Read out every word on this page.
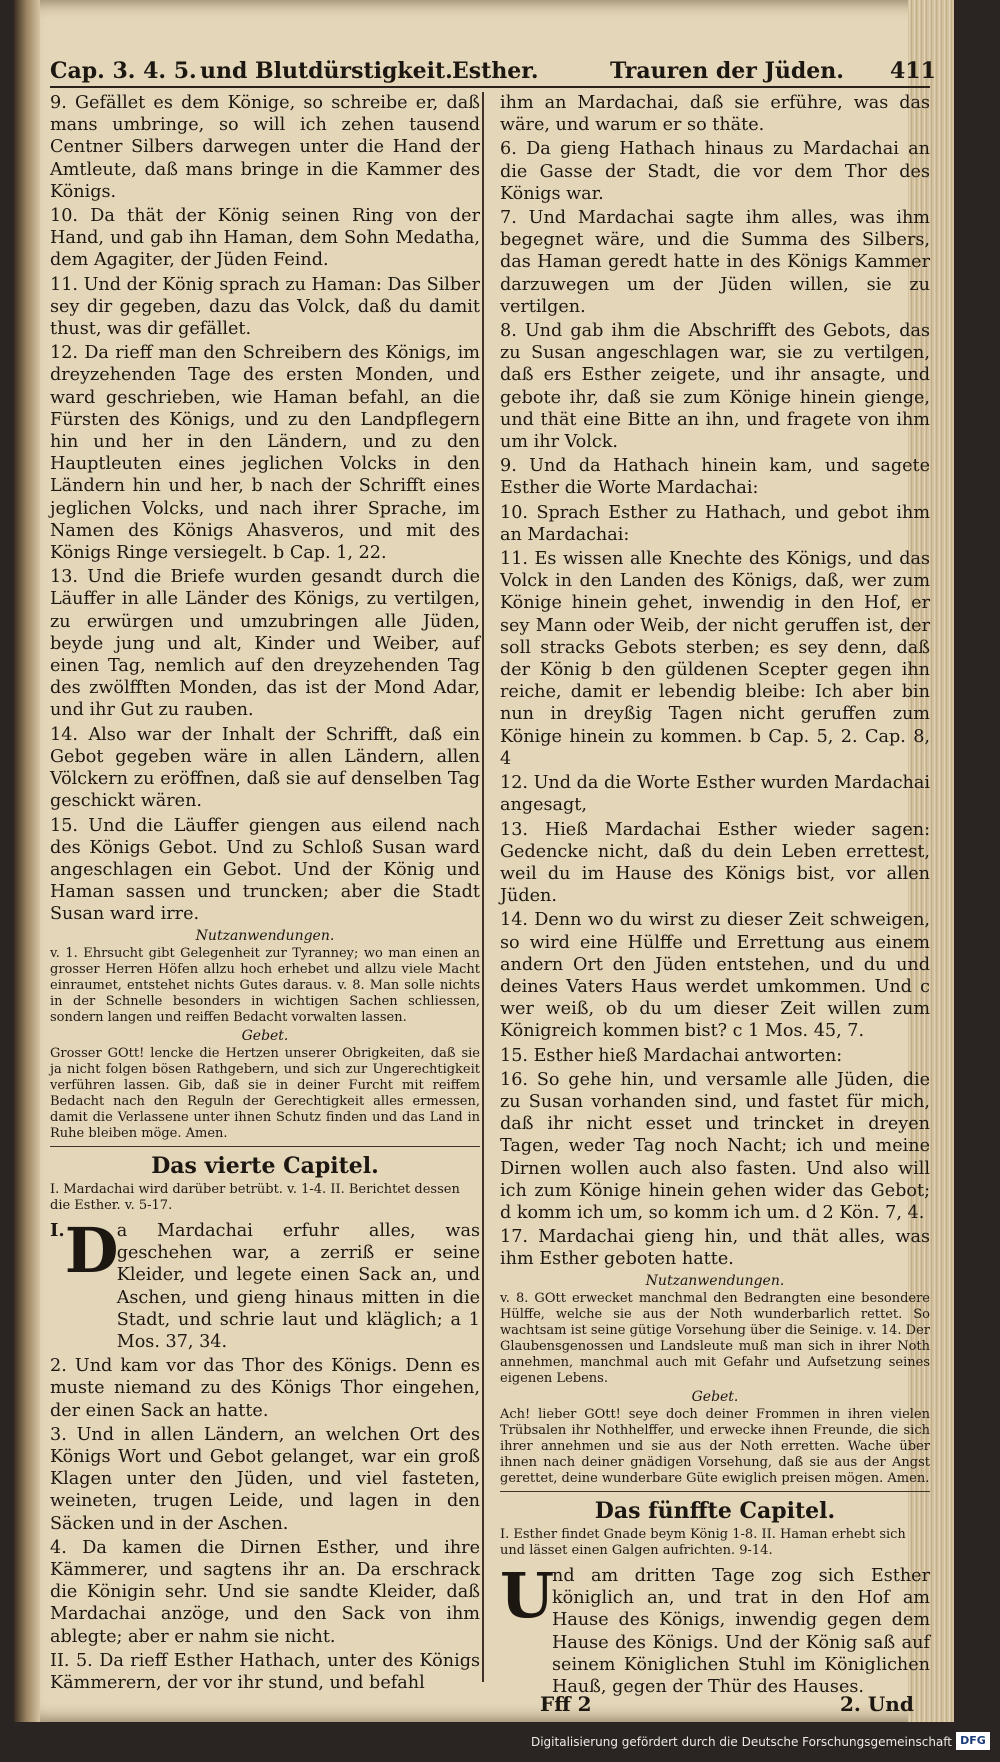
Cap. 3. 4. 5. und Blutdürstigkeit. Esther.	Trauren der Jüden. 411

9. Gefället es dem Könige, so schreibe er, daß mans umbringe, so will ich zehen tausend Centner Silbers darwegen unter die Hand der Amtleute, daß mans bringe in die Kammer des Königs.

10. Da thät der König seinen Ring von der Hand, und gab ihn Haman, dem Sohn Medatha, dem Agagiter, der Jüden Feind.

11. Und der König sprach zu Haman: Das Silber sey dir gegeben, dazu das Volck, daß du damit thust, was dir gefället.

12. Da rieff man den Schreibern des Königs, im dreyzehenden Tage des ersten Monden, und ward geschrieben, wie Haman befahl, an die Fürsten des Königs, und zu den Landpflegern hin und her in den Ländern, und zu den Hauptleuten eines jeglichen Volcks in den Ländern hin und her, b nach der Schrifft eines jeglichen Volcks, und nach ihrer Sprache, im Namen des Königs Ahasveros, und mit des Königs Ringe versiegelt. b Cap. 1, 22.

13. Und die Briefe wurden gesandt durch die Läuffer in alle Länder des Königs, zu vertilgen, zu erwürgen und umzubringen alle Jüden, beyde jung und alt, Kinder und Weiber, auf einen Tag, nemlich auf den dreyzehenden Tag des zwölfften Monden, das ist der Mond Adar, und ihr Gut zu rauben.

14. Also war der Inhalt der Schrifft, daß ein Gebot gegeben wäre in allen Ländern, allen Völckern zu eröffnen, daß sie auf denselben Tag geschickt wären.

15. Und die Läuffer giengen aus eilend nach des Königs Gebot. Und zu Schloß Susan ward angeschlagen ein Gebot. Und der König und Haman sassen und truncken; aber die Stadt Susan ward irre.

Nutzanwendungen.

v. 1. Ehrsucht gibt Gelegenheit zur Tyranney; wo man einen an grosser Herren Höfen allzu hoch erhebet und allzu viele Macht einraumet, entstehet nichts Gutes daraus. v. 8. Man solle nichts in der Schnelle besonders in wichtigen Sachen schliessen, sondern langen und reiffen Bedacht vorwalten lassen.

Gebet.

Grosser GOtt! lencke die Hertzen unserer Obrigkeiten, daß sie ja nicht folgen bösen Rathgebern, und sich zur Ungerechtigkeit verführen lassen. Gib, daß sie in deiner Furcht mit reiffem Bedacht nach den Reguln der Gerechtigkeit alles ermessen, damit die Verlassene unter ihnen Schutz finden und das Land in Ruhe bleiben möge. Amen.

Das vierte Capitel.

I. Mardachai wird darüber betrübt. v. 1-4. II. Berichtet dessen die Esther. v. 5-17.

I. D

a Mardachai erfuhr alles, was geschehen war, a zerriß er seine Kleider, und legete einen Sack an, und Aschen, und gieng hinaus mitten in die Stadt, und schrie laut und kläglich; a 1 Mos. 37, 34.

2. Und kam vor das Thor des Königs. Denn es muste niemand zu des Königs Thor eingehen, der einen Sack an hatte.

3. Und in allen Ländern, an welchen Ort des Königs Wort und Gebot gelanget, war ein groß Klagen unter den Jüden, und viel fasteten, weineten, trugen Leide, und lagen in den Säcken und in der Aschen.

4. Da kamen die Dirnen Esther, und ihre Kämmerer, und sagtens ihr an. Da erschrack die Königin sehr. Und sie sandte Kleider, daß Mardachai anzöge, und den Sack von ihm ablegte; aber er nahm sie nicht.

II. 5. Da rieff Esther Hathach, unter des Königs Kämmerern, der vor ihr stund, und befahl

ihm an Mardachai, daß sie erführe, was das wäre, und warum er so thäte.

6. Da gieng Hathach hinaus zu Mardachai an die Gasse der Stadt, die vor dem Thor des Königs war.

7. Und Mardachai sagte ihm alles, was ihm begegnet wäre, und die Summa des Silbers, das Haman geredt hatte in des Königs Kammer darzuwegen um der Jüden willen, sie zu vertilgen.

8. Und gab ihm die Abschrifft des Gebots, das zu Susan angeschlagen war, sie zu vertilgen, daß ers Esther zeigete, und ihr ansagte, und gebote ihr, daß sie zum Könige hinein gienge, und thät eine Bitte an ihn, und fragete von ihm um ihr Volck.

9. Und da Hathach hinein kam, und sagete Esther die Worte Mardachai:

10. Sprach Esther zu Hathach, und gebot ihm an Mardachai:

11. Es wissen alle Knechte des Königs, und das Volck in den Landen des Königs, daß, wer zum Könige hinein gehet, inwendig in den Hof, er sey Mann oder Weib, der nicht geruffen ist, der soll stracks Gebots sterben; es sey denn, daß der König b den güldenen Scepter gegen ihn reiche, damit er lebendig bleibe: Ich aber bin nun in dreyßig Tagen nicht geruffen zum Könige hinein zu kommen. b Cap. 5, 2. Cap. 8, 4

12. Und da die Worte Esther wurden Mardachai angesagt,

13. Hieß Mardachai Esther wieder sagen: Gedencke nicht, daß du dein Leben errettest, weil du im Hause des Königs bist, vor allen Jüden.

14. Denn wo du wirst zu dieser Zeit schweigen, so wird eine Hülffe und Errettung aus einem andern Ort den Jüden entstehen, und du und deines Vaters Haus werdet umkommen. Und c wer weiß, ob du um dieser Zeit willen zum Königreich kommen bist? c 1 Mos. 45, 7.

15. Esther hieß Mardachai antworten:

16. So gehe hin, und versamle alle Jüden, die zu Susan vorhanden sind, und fastet für mich, daß ihr nicht esset und trincket in dreyen Tagen, weder Tag noch Nacht; ich und meine Dirnen wollen auch also fasten. Und also will ich zum Könige hinein gehen wider das Gebot; d komm ich um, so komm ich um. d 2 Kön. 7, 4.

17. Mardachai gieng hin, und thät alles, was ihm Esther geboten hatte.

Nutzanwendungen.

v. 8. GOtt erwecket manchmal den Bedrangten eine besondere Hülffe, welche sie aus der Noth wunderbarlich rettet. So wachtsam ist seine gütige Vorsehung über die Seinige. v. 14. Der Glaubensgenossen und Landsleute muß man sich in ihrer Noth annehmen, manchmal auch mit Gefahr und Aufsetzung seines eigenen Lebens.

Gebet.

Ach! lieber GOtt! seye doch deiner Frommen in ihren vielen Trübsalen ihr Nothhelffer, und erwecke ihnen Freunde, die sich ihrer annehmen und sie aus der Noth erretten. Wache über ihnen nach deiner gnädigen Vorsehung, daß sie aus der Angst gerettet, deine wunderbare Güte ewiglich preisen mögen. Amen.

Das fünffte Capitel.

I. Esther findet Gnade beym König 1-8. II. Haman erhebt sich und lässet einen Galgen aufrichten. 9-14.

U

nd am dritten Tage zog sich Esther königlich an, und trat in den Hof am Hause des Königs, inwendig gegen dem Hause des Königs. Und der König saß auf seinem Königlichen Stuhl im Königlichen Hauß, gegen der Thür des Hauses.

Fff 2	2. Und
Digitalisierung gefördert durch die Deutsche Forschungsgemeinschaft DFG
